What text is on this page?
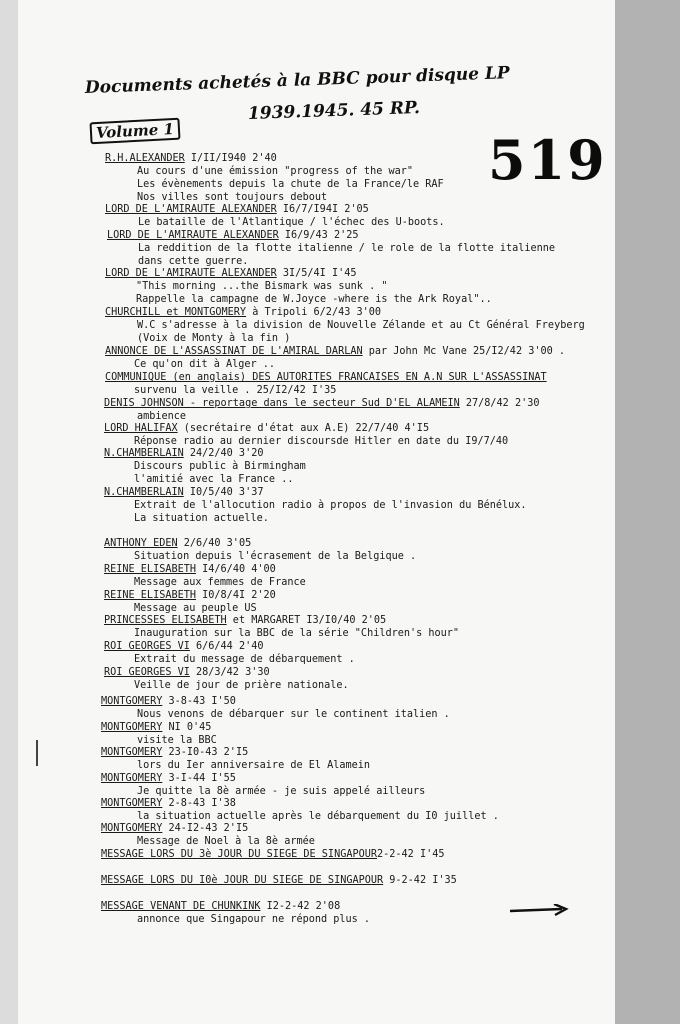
Documents achetés à la BBC pour disque LP
1939.1945. 45 RP.
Volume 1	519
R.H.ALEXANDER I/II/I940 2'40
Au cours d'une émission "progress of the war"
Les évènements depuis la chute de la France/le RAF
Nos villes sont toujours debout
LORD DE L'AMIRAUTE ALEXANDER I6/7/I94I 2'05
Le bataille de l'Atlantique / l'échec des U-boots.
LORD DE L'AMIRAUTE ALEXANDER I6/9/43 2'25
La reddition de la flotte italienne / le role de la flotte italienne
dans cette guerre.
LORD DE L'AMIRAUTE ALEXANDER 3I/5/4I I'45
"This morning ...the Bismark was sunk . "
Rappelle la campagne de W.Joyce -where is the Ark Royal"..
CHURCHILL et MONTGOMERY à Tripoli 6/2/43 3'00
W.C s'adresse à la division de Nouvelle Zélande et au Ct Général Freyberg
(Voix de Monty à la fin )
ANNONCE DE L'ASSASSINAT DE L'AMIRAL DARLAN par John Mc Vane 25/I2/42 3'00 .
Ce qu'on dit à Alger ..
COMMUNIQUE (en anglais) DES AUTORITES FRANCAISES EN A.N SUR L'ASSASSINAT
survenu la veille . 25/I2/42 I'35
DENIS JOHNSON - reportage dans le secteur Sud D'EL ALAMEIN 27/8/42 2'30
ambience
LORD HALIFAX (secrétaire d'état aux A.E) 22/7/40 4'I5
Réponse radio au dernier discoursde Hitler en date du I9/7/40
N.CHAMBERLAIN 24/2/40 3'20
Discours public à Birmingham
l'amitié avec la France ..
N.CHAMBERLAIN I0/5/40 3'37
Extrait de l'allocution radio à propos de l'invasion du Bénélux.
La situation actuelle.
ANTHONY EDEN 2/6/40 3'05
Situation depuis l'écrasement de la Belgique .
REINE ELISABETH I4/6/40 4'00
Message aux femmes de France
REINE ELISABETH I0/8/4I 2'20
Message au peuple US
PRINCESSES ELISABETH et MARGARET I3/I0/40 2'05
Inauguration sur la BBC de la série "Children's hour"
ROI GEORGES VI 6/6/44 2'40
Extrait du message de débarquement .
ROI GEORGES VI 28/3/42 3'30
Veille de jour de prière nationale.
MONTGOMERY 3-8-43 I'50
Nous venons de débarquer sur le continent italien .
MONTGOMERY NI 0'45
visite la BBC
MONTGOMERY 23-I0-43 2'I5
lors du Ier anniversaire de El Alamein
MONTGOMERY 3-I-44 I'55
Je quitte la 8è armée - je suis appelé ailleurs
MONTGOMERY 2-8-43 I'38
la situation actuelle après le débarquement du I0 juillet .
MONTGOMERY 24-I2-43 2'I5
Message de Noel à la 8è armée
MESSAGE LORS DU 3è JOUR DU SIEGE DE SINGAPOUR2-2-42 I'45
MESSAGE LORS DU I0è JOUR DU SIEGE DE SINGAPOUR 9-2-42 I'35
MESSAGE VENANT DE CHUNKINK I2-2-42 2'08
annonce que Singapour ne répond plus .
